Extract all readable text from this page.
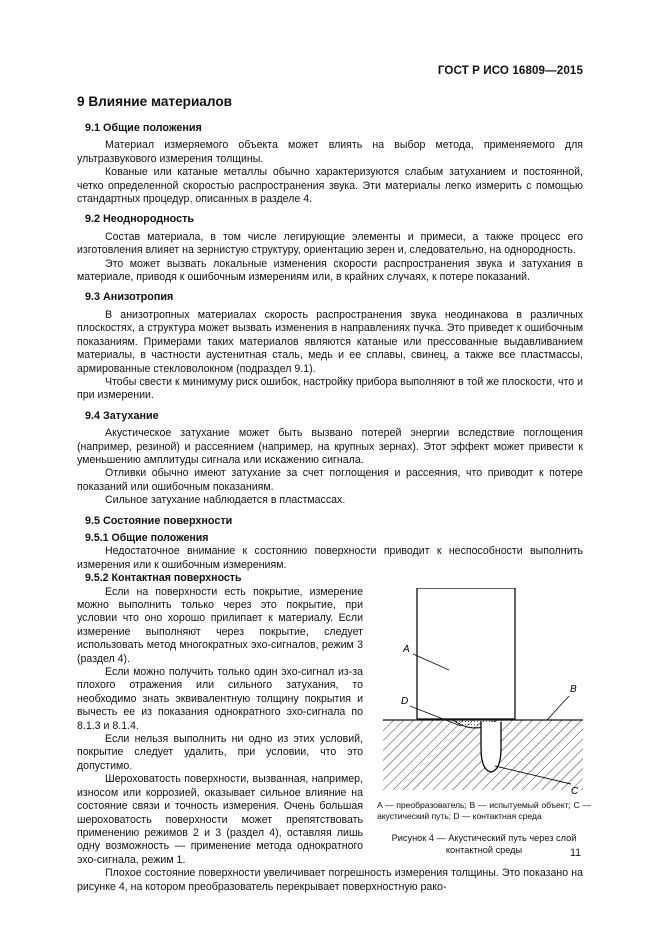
ГОСТ Р ИСО 16809—2015
9 Влияние материалов
9.1 Общие положения

Материал измеряемого объекта может влиять на выбор метода, применяемого для ультразвукового измерения толщины.

Кованые или катаные металлы обычно характеризуются слабым затуханием и постоянной, четко определенной скоростью распространения звука. Эти материалы легко измерить с помощью стандартных процедур, описанных в разделе 4.

9.2 Неоднородность

Состав материала, в том числе легирующие элементы и примеси, а также процесс его изготовления влияет на зернистую структуру, ориентацию зерен и, следовательно, на однородность.

Это может вызвать локальные изменения скорости распространения звука и затухания в материале, приводя к ошибочным измерениям или, в крайних случаях, к потере показаний.

9.3 Анизотропия

В анизотропных материалах скорость распространения звука неодинакова в различных плоскостях, а структура может вызвать изменения в направлениях пучка. Это приведет к ошибочным показаниям. Примерами таких материалов являются катаные или прессованные выдавливанием материалы, в частности аустенитная сталь, медь и ее сплавы, свинец, а также все пластмассы, армированные стекловолокном (подраздел 9.1).

Чтобы свести к минимуму риск ошибок, настройку прибора выполняют в той же плоскости, что и при измерении.

9.4 Затухание

Акустическое затухание может быть вызвано потерей энергии вследствие поглощения (например, резиной) и рассеянием (например, на крупных зернах). Этот эффект может привести к уменьшению амплитуды сигнала или искажению сигнала.

Отливки обычно имеют затухание за счет поглощения и рассеяния, что приводит к потере показаний или ошибочным показаниям.

Сильное затухание наблюдается в пластмассах.

9.5 Состояние поверхности
9.5.1 Общие положения

Недостаточное внимание к состоянию поверхности приводит к неспособности выполнить измерения или к ошибочным измерениям.

9.5.2 Контактная поверхность
A
D
B
C
A — преобразователь; B — испытуемый объект; C — акустический путь; D — контактная среда
Рисунок 4 — Акустический путь через слой контактной среды

Если на поверхности есть покрытие, измерение можно выполнить только через это покрытие, при условии что оно хорошо прилипает к материалу. Если измерение выполняют через покрытие, следует использовать метод многократных эхо-сигналов, режим 3 (раздел 4).

Если можно получить только один эхо-сигнал из-за плохого отражения или сильного затухания, то необходимо знать эквивалентную толщину покрытия и вычесть ее из показания однократного эхо-сигнала по 8.1.3 и 8.1.4.

Если нельзя выполнить ни одно из этих условий, покрытие следует удалить, при условии, что это допустимо.

Шероховатость поверхности, вызванная, например, износом или коррозией, оказывает сильное влияние на состояние связи и точность измерения. Очень большая шероховатость поверхности может препятствовать применению режимов 2 и 3 (раздел 4), оставляя лишь одну возможность — применение метода однократного эхо-сигнала, режим 1.

Плохое состояние поверхности увеличивает погрешность измерения толщины. Это показано на рисунке 4, на котором преобразователь перекрывает поверхностную рако-

11
